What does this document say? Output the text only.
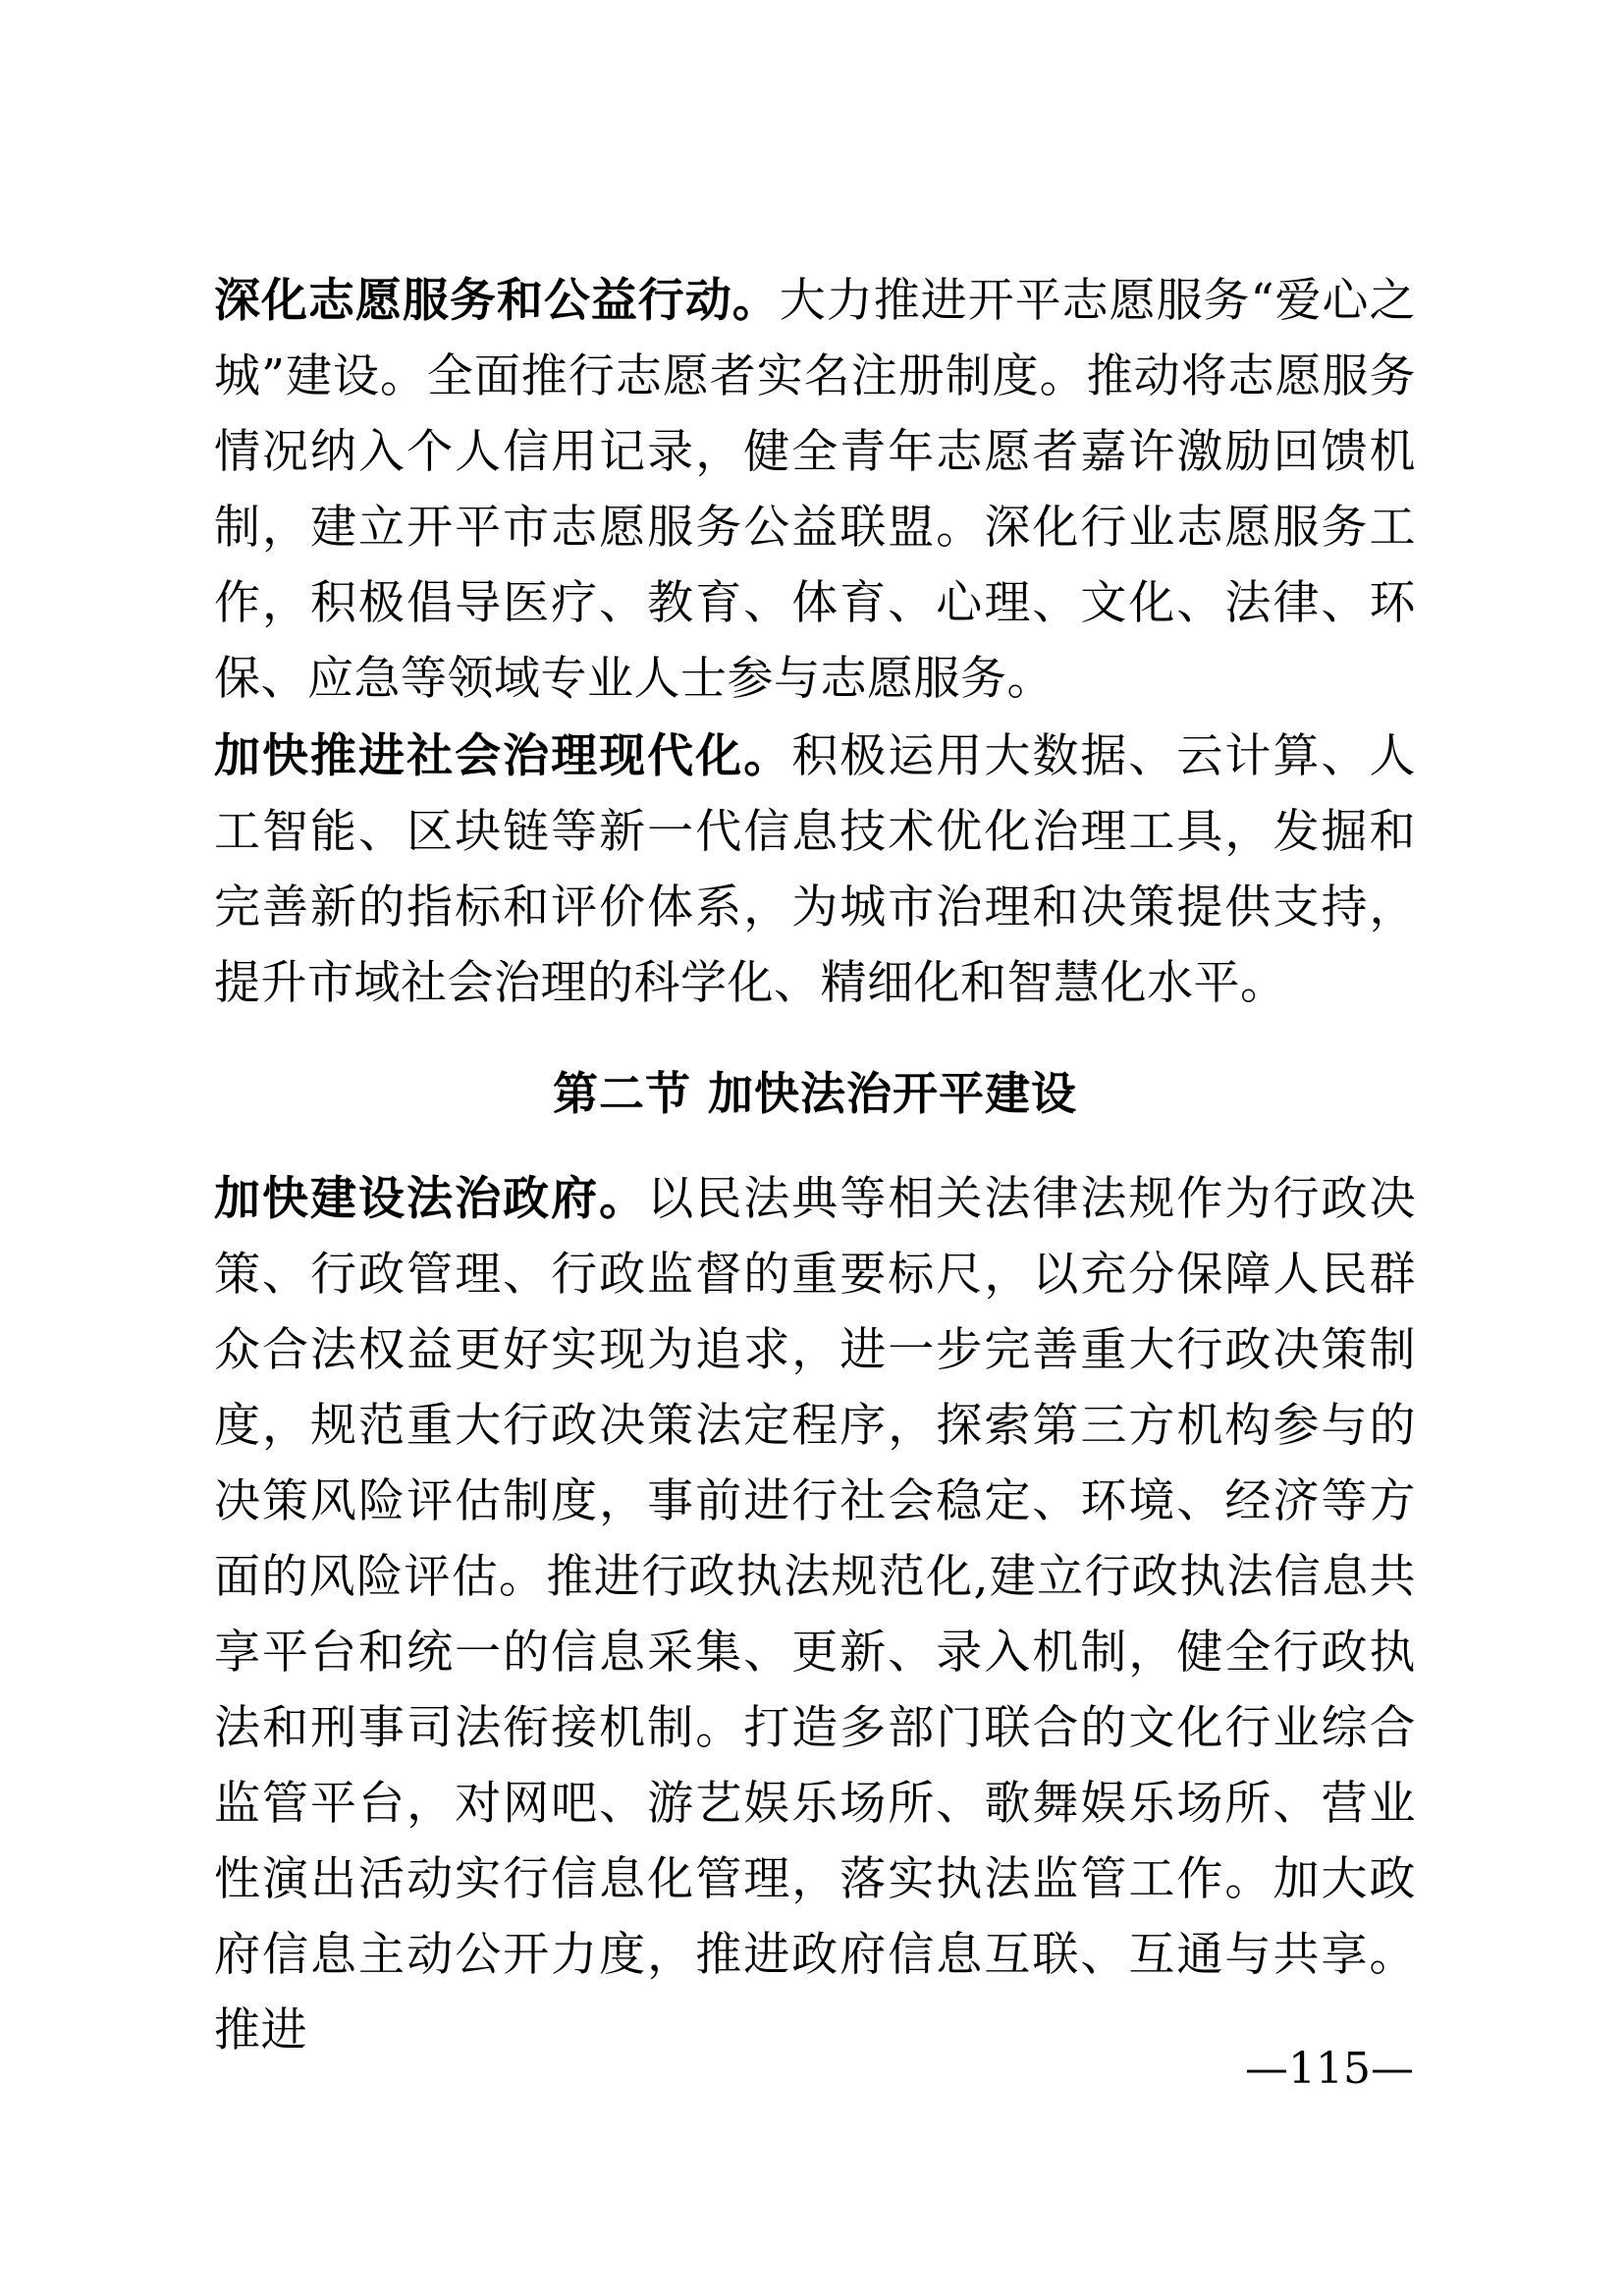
深化志愿服务和公益行动。大力推进开平志愿服务“爱心之城”建设。全面推行志愿者实名注册制度。推动将志愿服务情况纳入个人信用记录，健全青年志愿者嘉许激励回馈机制，建立开平市志愿服务公益联盟。深化行业志愿服务工作，积极倡导医疗、教育、体育、心理、文化、法律、环保、应急等领域专业人士参与志愿服务。

加快推进社会治理现代化。积极运用大数据、云计算、人工智能、区块链等新一代信息技术优化治理工具，发掘和完善新的指标和评价体系，为城市治理和决策提供支持，提升市域社会治理的科学化、精细化和智慧化水平。

第二节 加快法治开平建设

加快建设法治政府。以民法典等相关法律法规作为行政决策、行政管理、行政监督的重要标尺，以充分保障人民群众合法权益更好实现为追求，进一步完善重大行政决策制度，规范重大行政决策法定程序，探索第三方机构参与的决策风险评估制度，事前进行社会稳定、环境、经济等方面的风险评估。推进行政执法规范化,建立行政执法信息共享平台和统一的信息采集、更新、录入机制，健全行政执法和刑事司法衔接机制。打造多部门联合的文化行业综合监管平台，对网吧、游艺娱乐场所、歌舞娱乐场所、营业性演出活动实行信息化管理，落实执法监管工作。加大政府信息主动公开力度，推进政府信息互联、互通与共享。推进

—115—
